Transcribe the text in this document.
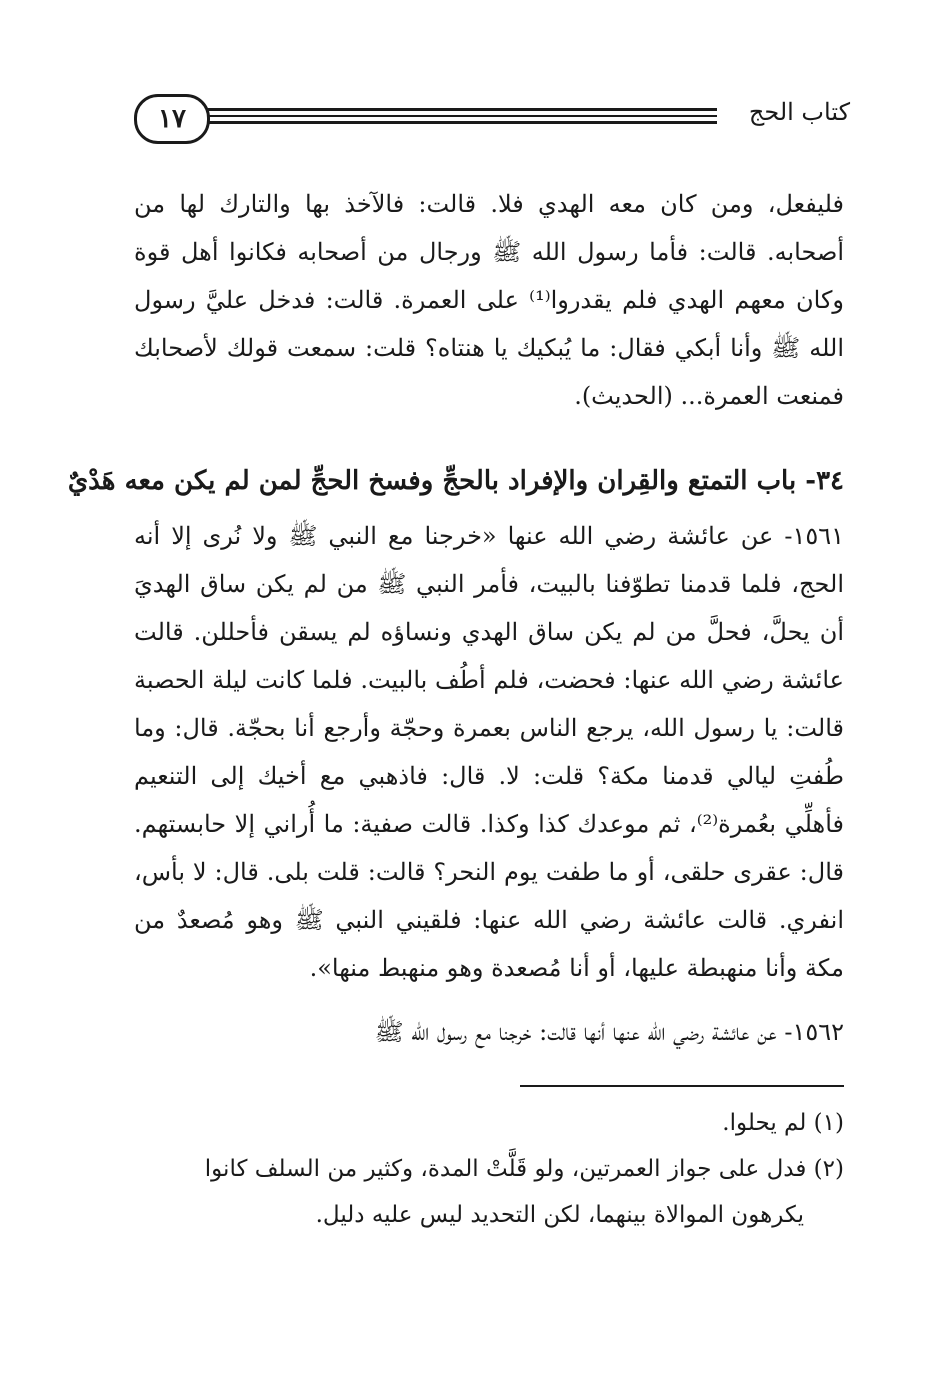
١٧	كتاب الحج

فليفعل، ومن كان معه الهدي فلا. قالت: فالآخذ بها والتارك لها من أصحابه. قالت: فأما رسول الله ﷺ ورجال من أصحابه فكانوا أهل قوة وكان معهم الهدي فلم يقدروا⁽¹⁾ على العمرة. قالت: فدخل عليَّ رسول الله ﷺ وأنا أبكي فقال: ما يُبكيك يا هنتاه؟ قلت: سمعت قولك لأصحابك فمنعت العمرة... (الحديث).

٣٤- باب التمتع والقِران والإفراد بالحجِّ وفسخ الحجِّ لمن لم يكن معه هَدْيٌ

١٥٦١- عن عائشة رضي الله عنها «خرجنا مع النبي ﷺ ولا نُرى إلا أنه الحج، فلما قدمنا تطوّفنا بالبيت، فأمر النبي ﷺ من لم يكن ساق الهديَ أن يحلَّ، فحلَّ من لم يكن ساق الهدي ونساؤه لم يسقن فأحللن. قالت عائشة رضي الله عنها: فحضت، فلم أطُف بالبيت. فلما كانت ليلة الحصبة قالت: يا رسول الله، يرجع الناس بعمرة وحجّة وأرجع أنا بحجّة. قال: وما طُفتِ ليالي قدمنا مكة؟ قلت: لا. قال: فاذهبي مع أخيك إلى التنعيم فأهلِّي بعُمرة⁽²⁾، ثم موعدك كذا وكذا. قالت صفية: ما أُراني إلا حابستهم. قال: عقرى حلقى، أو ما طفت يوم النحر؟ قالت: قلت بلى. قال: لا بأس، انفري. قالت عائشة رضي الله عنها: فلقيني النبي ﷺ وهو مُصعدٌ من مكة وأنا منهبطة عليها، أو أنا مُصعدة وهو منهبط منها».

١٥٦٢- عن عائشة رضي الله عنها أنها قالت: خرجنا مع رسول الله ﷺ

(١) لم يحلوا.

(٢) فدل على جواز العمرتين، ولو قَلَّتْ المدة، وكثير من السلف كانوا

يكرهون الموالاة بينهما، لكن التحديد ليس عليه دليل.
